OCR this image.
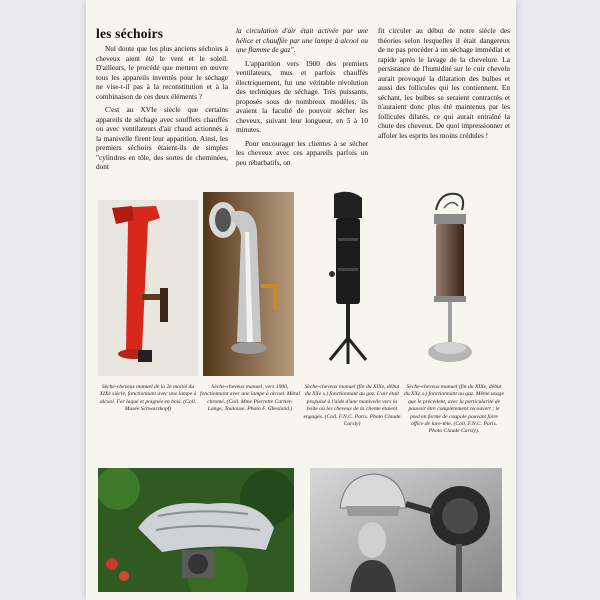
les séchoirs

Nul doute que les plus anciens séchoirs à cheveux aient été le vent et le soleil. D'ailleurs, le procédé que mettent en œuvre tous les appareils inventés pour le séchage ne vise-t-il pas à la reconstitution et à la combinaison de ces deux éléments ?

C'est au XVIe siècle que certains appareils de séchage avec soufflets chauffés ou avec ventilateurs d'air chaud actionnés à la manivelle firent leur apparition. Ainsi, les premiers séchoirs étaient-ils de simples "cylindres en tôle, des sortes de cheminées, dont

la circulation d'air était activée par une hélice et chauffée par une lampe à alcool ou une flamme de gaz".

L'apparition vers 1900 des premiers ventilateurs, mus et parfois chauffés électriquement, fut une véritable révolution des techniques de séchage. Très puissants, proposés sous de nombreux modèles, ils avaient la faculté de pouvoir sécher les cheveux, suivant leur longueur, en 5 à 10 minutes.

Pour encourager les clientes à se sécher les cheveux avec ces appareils parfois un peu rébarbatifs, on

fit circuler au début de notre siècle des théories selon lesquelles il était dangereux de ne pas procéder à un séchage immédiat et rapide après le lavage de la chevelure. La persistance de l'humidité sur le cuir chevelu aurait provoqué la dilatation des bulbes et aussi des follicules qui les contiennent. En séchant, les bulbes se seraient contractés et n'auraient donc plus été maintenus par les follicules dilatés, ce qui aurait entraîné la chute des cheveux. De quoi impressionner et affoler les esprits les moins crédules !

Sèche-cheveux manuel de la 2e moitié du XIXe siècle, fonctionnant avec une lampe à alcool. Fer laqué et poignée en bois. (Coll. Musée Schwarzkopf)
Sèche-cheveux manuel, vers 1900, fonctionnant avec une lampe à alcool. Métal chromé. (Coll. Mme Pierrette Cartier-Lange, Toulouse. Photo F. Ghesland.)
Sèche-cheveux manuel (fin du XIXe, début du XXe s.) fonctionnant au gaz. L'air était propulsé à l'aide d'une manivelle vers la boîte où les cheveux de la cliente étaient engagés. (Coll. F.N.C. Paris. Photo Claude Carsly)
Sèche-cheveux manuel (fin du XIXe, début du XXe s.) fonctionnant au gaz. Même usage que le précédent, avec la particularité de pouvoir être complètement recouvert ; le pied en forme de coupole pouvant faire office de lave-tête. (Coll. F.N.C. Paris. Photo Claude Carsly).
